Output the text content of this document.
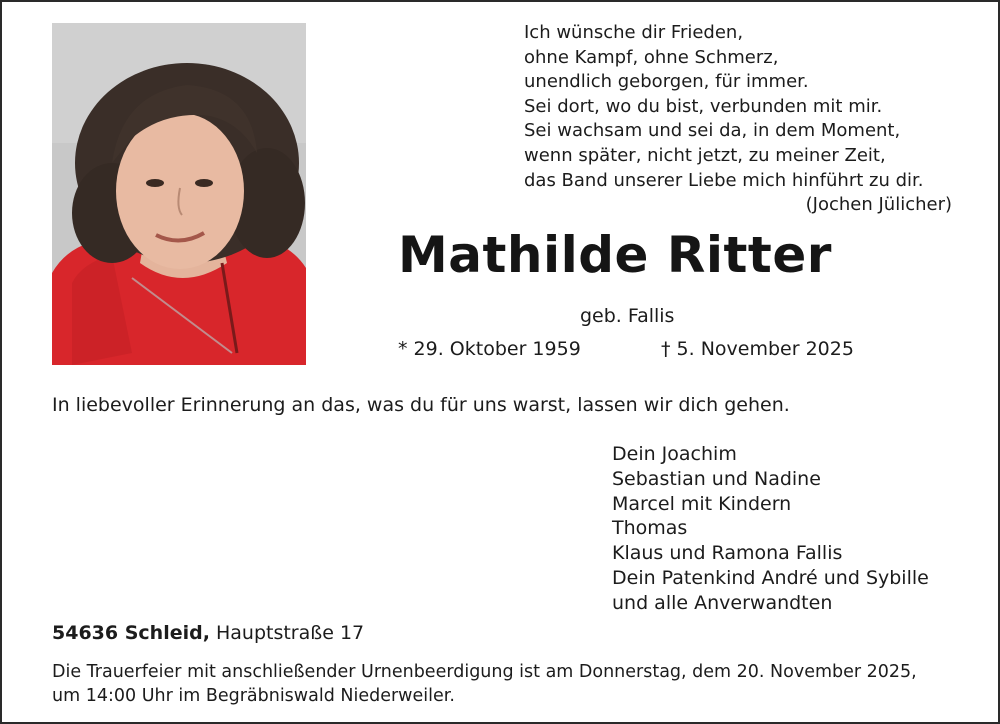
Ich wünsche dir Frieden,
ohne Kampf, ohne Schmerz,
unendlich geborgen, für immer.
Sei dort, wo du bist, verbunden mit mir.
Sei wachsam und sei da, in dem Moment,
wenn später, nicht jetzt, zu meiner Zeit,
das Band unserer Liebe mich hinführt zu dir.
(Jochen Jülicher)
Mathilde Ritter
geb. Fallis
* 29. Oktober 1959	† 5. November 2025
In liebevoller Erinnerung an das, was du für uns warst, lassen wir dich gehen.
Dein Joachim
Sebastian und Nadine
Marcel mit Kindern
Thomas
Klaus und Ramona Fallis
Dein Patenkind André und Sybille
und alle Anverwandten
54636 Schleid, Hauptstraße 17
Die Trauerfeier mit anschließender Urnenbeerdigung ist am Donnerstag, dem 20. November 2025,
um 14:00 Uhr im Begräbniswald Niederweiler.
